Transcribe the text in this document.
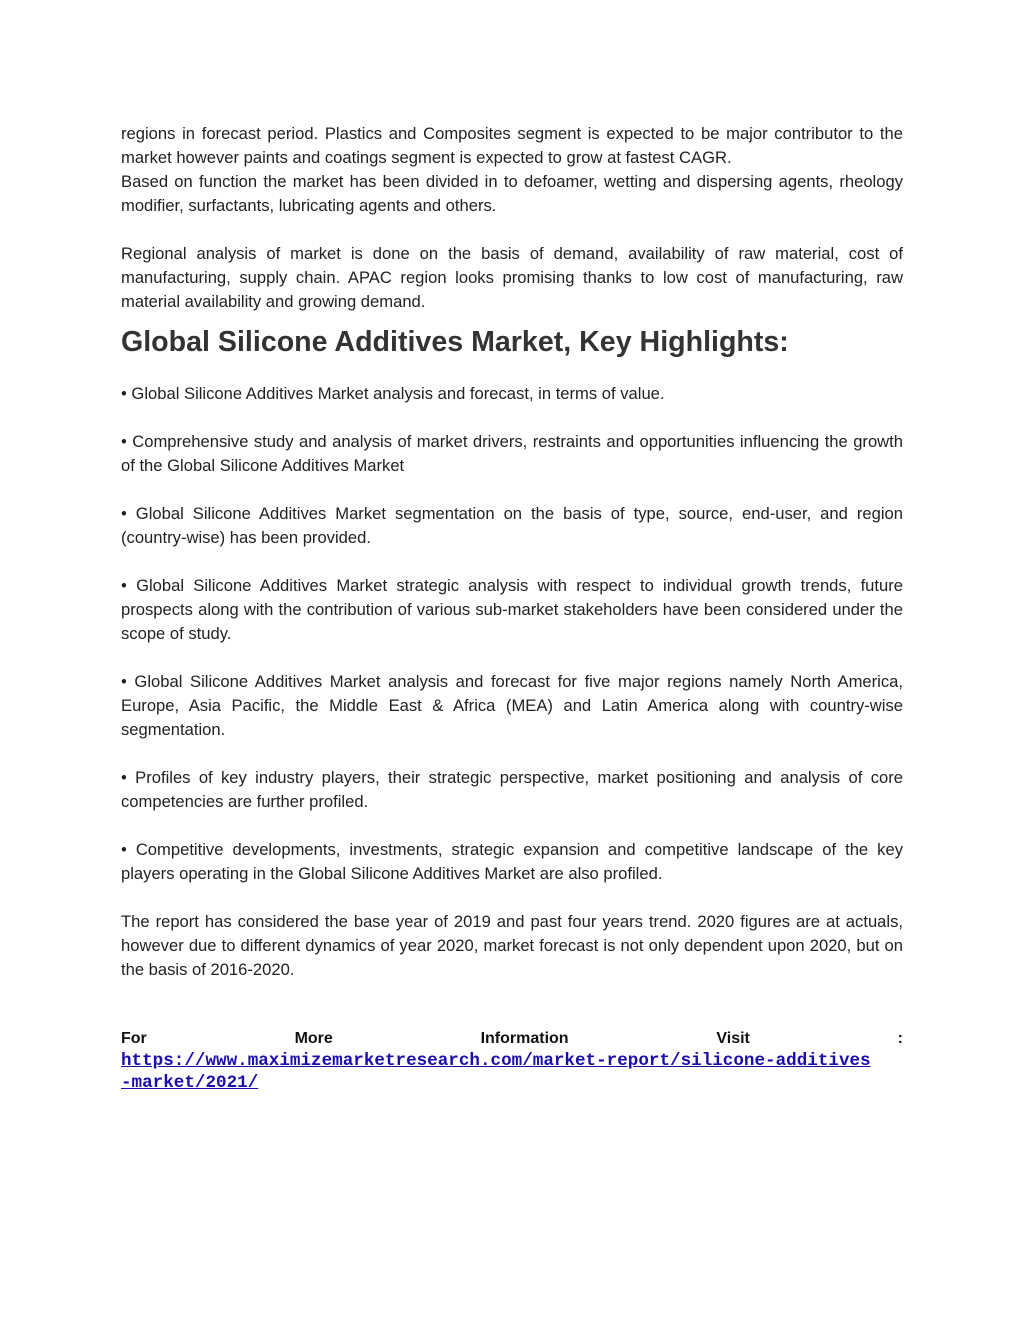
regions in forecast period. Plastics and Composites segment is expected to be major contributor to the market however paints and coatings segment is expected to grow at fastest CAGR.

Based on function the market has been divided in to defoamer, wetting and dispersing agents, rheology modifier, surfactants, lubricating agents and others.

Regional analysis of market is done on the basis of demand, availability of raw material, cost of manufacturing, supply chain. APAC region looks promising thanks to low cost of manufacturing, raw material availability and growing demand.

Global Silicone Additives Market, Key Highlights:

• Global Silicone Additives Market analysis and forecast, in terms of value.

• Comprehensive study and analysis of market drivers, restraints and opportunities influencing the growth of the Global Silicone Additives Market

• Global Silicone Additives Market segmentation on the basis of type, source, end-user, and region (country-wise) has been provided.

• Global Silicone Additives Market strategic analysis with respect to individual growth trends, future prospects along with the contribution of various sub-market stakeholders have been considered under the scope of study.

• Global Silicone Additives Market analysis and forecast for five major regions namely North America, Europe, Asia Pacific, the Middle East & Africa (MEA) and Latin America along with country-wise segmentation.

• Profiles of key industry players, their strategic perspective, market positioning and analysis of core competencies are further profiled.

• Competitive developments, investments, strategic expansion and competitive landscape of the key players operating in the Global Silicone Additives Market are also profiled.

The report has considered the base year of 2019 and past four years trend. 2020 figures are at actuals, however due to different dynamics of year 2020, market forecast is not only dependent upon 2020, but on the basis of 2016-2020.

For	More	Information	Visit	:
https://www.maximizemarketresearch.com/market-report/silicone-additives-market/2021/
